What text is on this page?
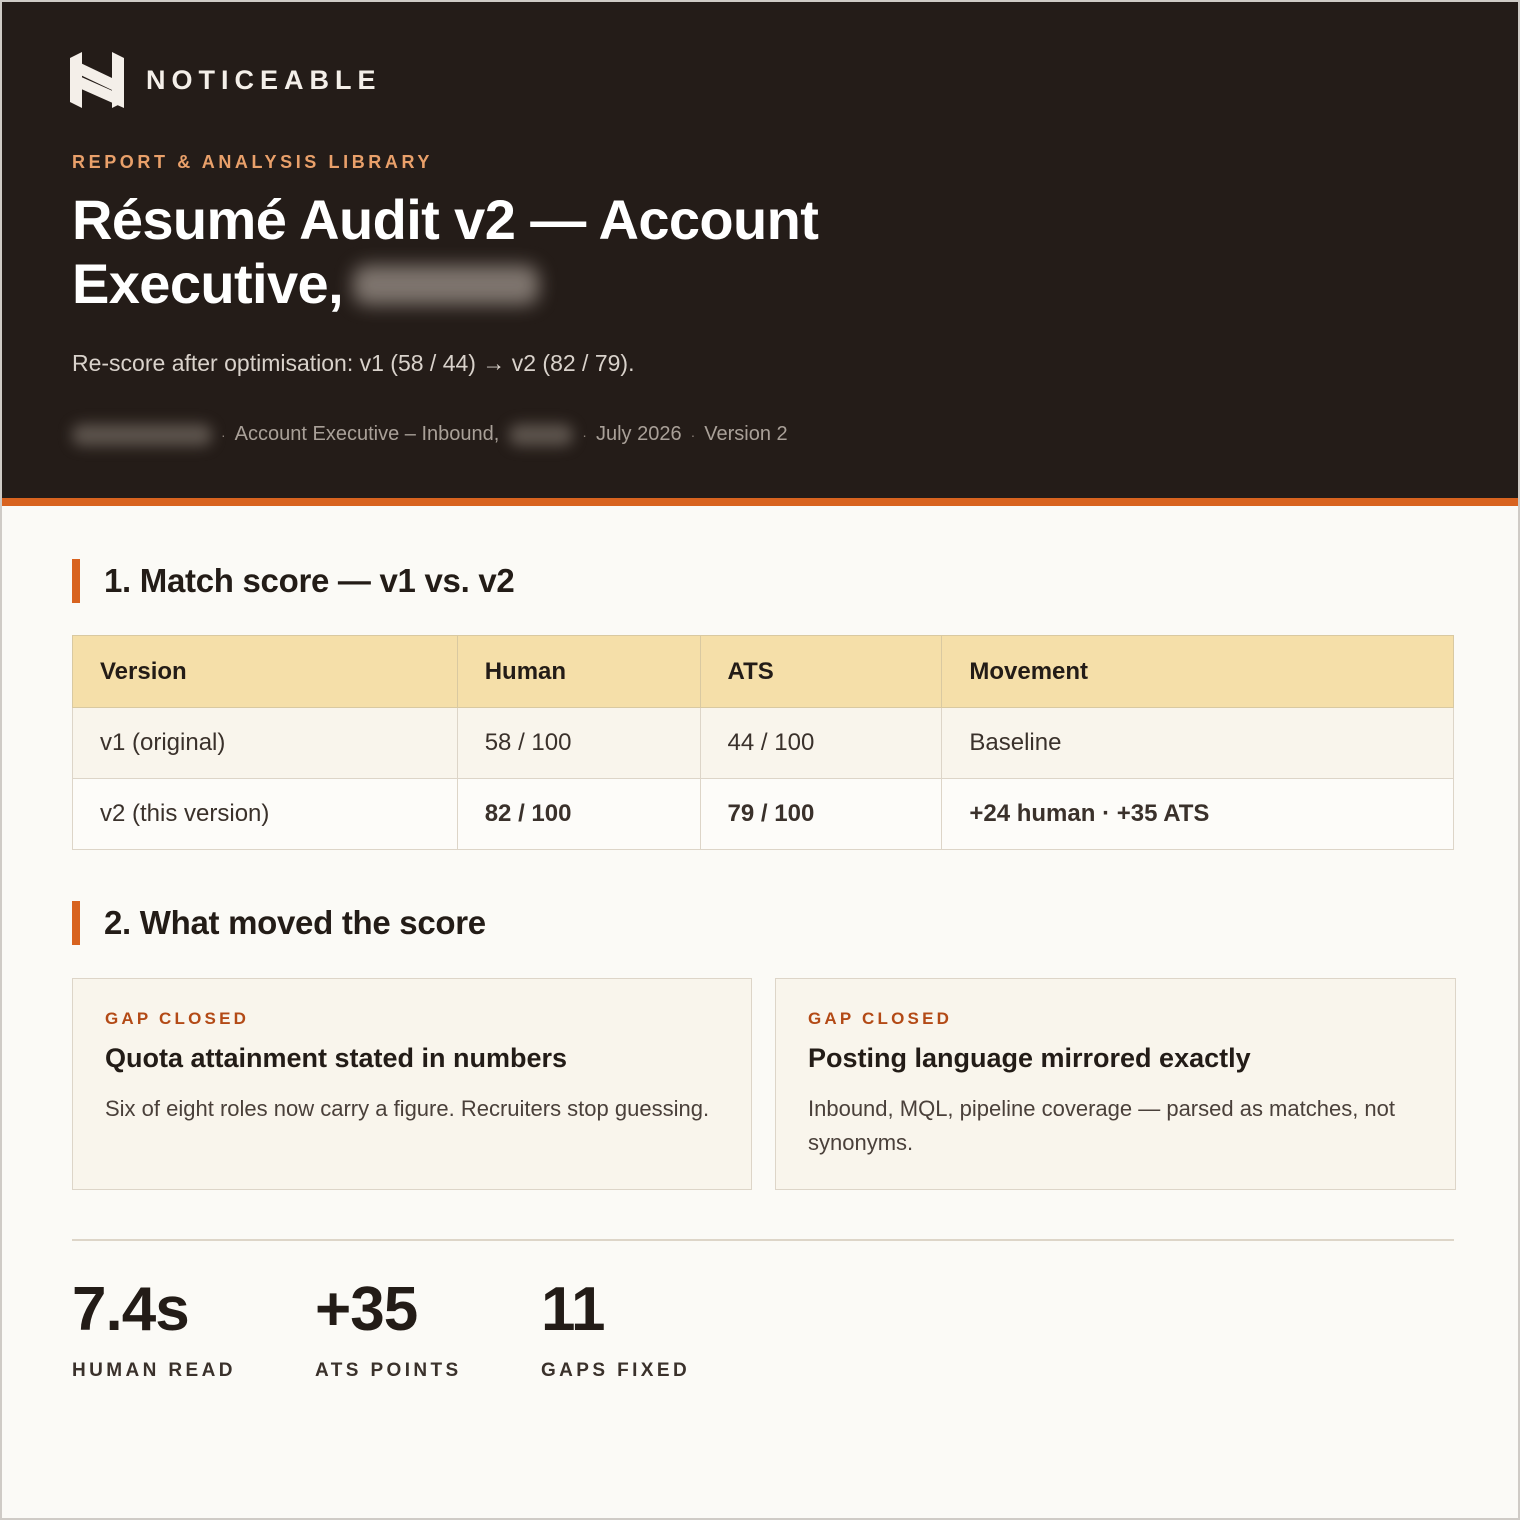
NOTICEABLE
REPORT & ANALYSIS LIBRARY
Résumé Audit v2 — Account Executive,
Re-score after optimisation: v1 (58 / 44) → v2 (82 / 79).
· Account Executive – Inbound,	· July 2026 · Version 2
1. Match score — v1 vs. v2
Version	Human	ATS	Movement
v1 (original)	58 / 100	44 / 100	Baseline
v2 (this version)	82 / 100	79 / 100	+24 human · +35 ATS
2. What moved the score
GAP CLOSED
Quota attainment stated in numbers
Six of eight roles now carry a figure. Recruiters stop guessing.
GAP CLOSED
Posting language mirrored exactly
Inbound, MQL, pipeline coverage — parsed as matches, not synonyms.
7.4s
HUMAN READ
+35
ATS POINTS
11
GAPS FIXED
